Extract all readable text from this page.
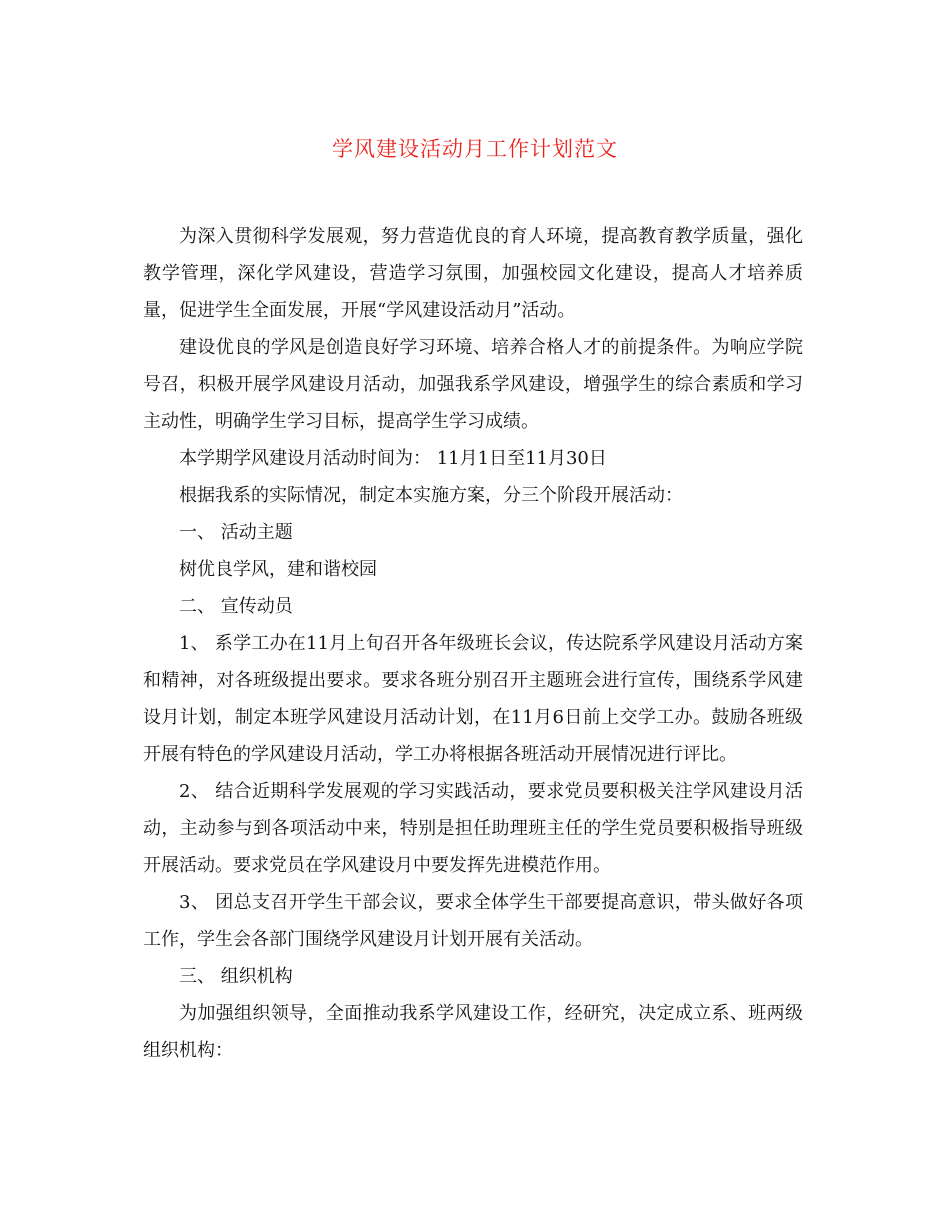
学风建设活动月工作计划范文

为深入贯彻科学发展观，努力营造优良的育人环境，提高教育教学质量，强化教学管理，深化学风建设，营造学习氛围，加强校园文化建设，提高人才培养质量，促进学生全面发展，开展“学风建设活动月”活动。

建设优良的学风是创造良好学习环境、培养合格人才的前提条件。为响应学院号召，积极开展学风建设月活动，加强我系学风建设，增强学生的综合素质和学习主动性，明确学生学习目标，提高学生学习成绩。

本学期学风建设月活动时间为： 11月1日至11月30日

根据我系的实际情况，制定本实施方案，分三个阶段开展活动：

一、 活动主题

树优良学风，建和谐校园

二、 宣传动员

1、 系学工办在11月上旬召开各年级班长会议，传达院系学风建设月活动方案和精神，对各班级提出要求。要求各班分别召开主题班会进行宣传，围绕系学风建设月计划，制定本班学风建设月活动计划，在11月6日前上交学工办。鼓励各班级开展有特色的学风建设月活动，学工办将根据各班活动开展情况进行评比。

2、 结合近期科学发展观的学习实践活动，要求党员要积极关注学风建设月活动，主动参与到各项活动中来，特别是担任助理班主任的学生党员要积极指导班级开展活动。要求党员在学风建设月中要发挥先进模范作用。

3、 团总支召开学生干部会议，要求全体学生干部要提高意识，带头做好各项工作，学生会各部门围绕学风建设月计划开展有关活动。

三、 组织机构

为加强组织领导，全面推动我系学风建设工作，经研究，决定成立系、班两级组织机构：
